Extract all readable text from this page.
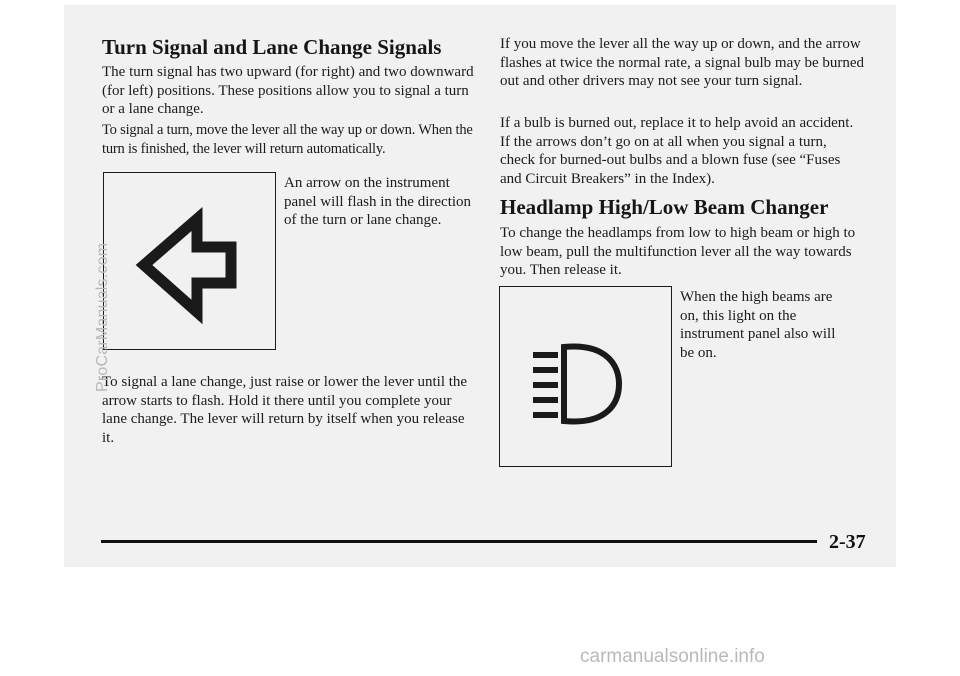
Turn Signal and Lane Change Signals

The turn signal has two upward (for right) and two downward (for left) positions. These positions allow you to signal a turn or a lane change.

To signal a turn, move the lever all the way up or down. When the turn is finished, the lever will return automatically.

An arrow on the instrument panel will flash in the direction of the turn or lane change.

To signal a lane change, just raise or lower the lever until the arrow starts to flash. Hold it there until you complete your lane change. The lever will return by itself when you release it.

If you move the lever all the way up or down, and the arrow flashes at twice the normal rate, a signal bulb may be burned out and other drivers may not see your turn signal.

If a bulb is burned out, replace it to help avoid an accident. If the arrows don’t go on at all when you signal a turn, check for burned-out bulbs and a blown fuse (see “Fuses and Circuit Breakers” in the Index).

Headlamp High/Low Beam Changer

To change the headlamps from low to high beam or high to low beam, pull the multifunction lever all the way towards you. Then release it.

When the high beams are on, this light on the instrument panel also will be on.

2-37

ProCarManuals.com

carmanualsonline.info
